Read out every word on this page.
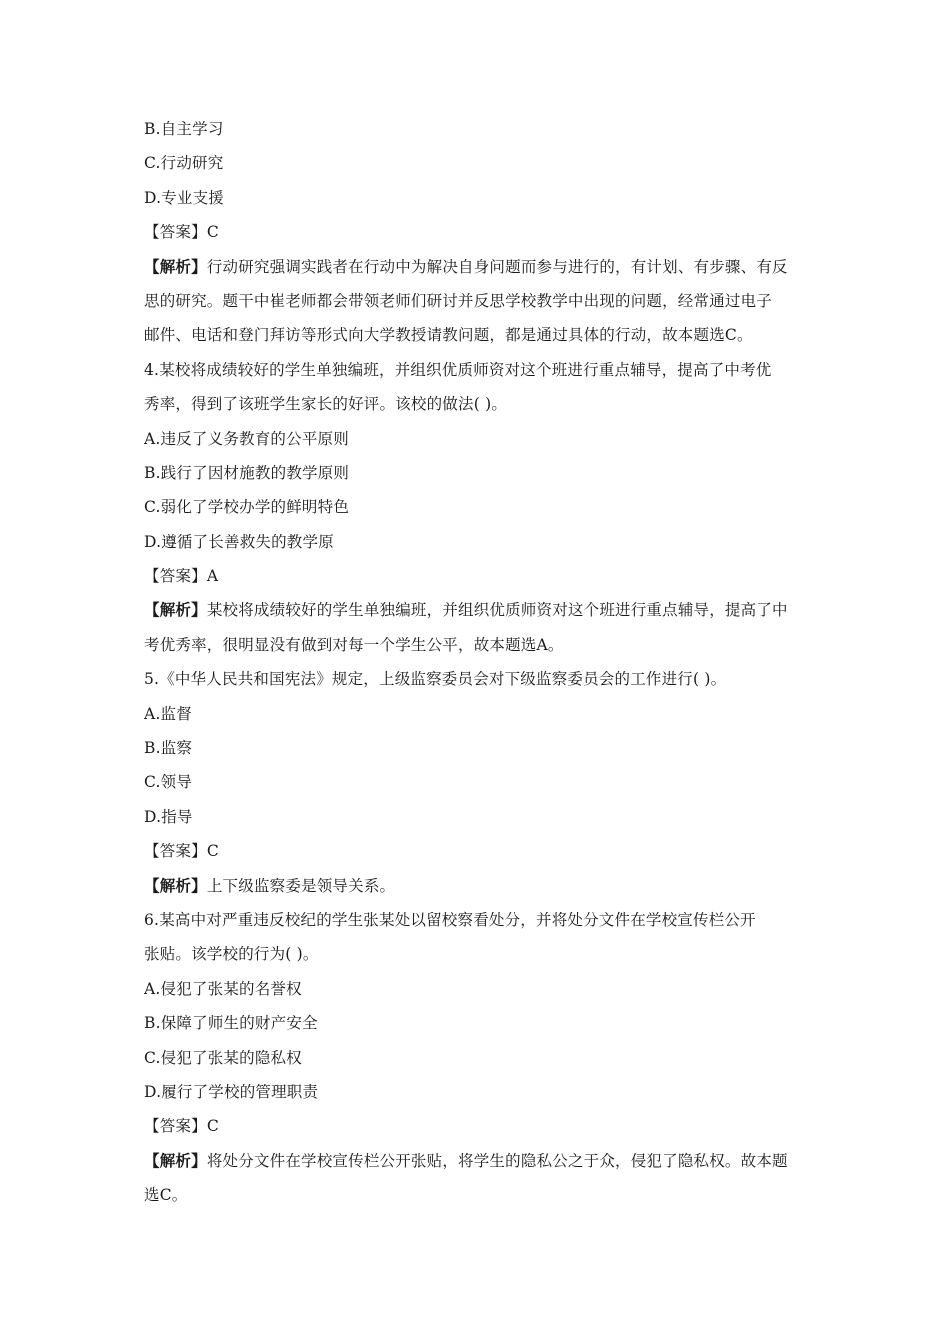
B.自主学习
C.行动研究
D.专业支援
【答案】C
【解析】行动研究强调实践者在行动中为解决自身问题而参与进行的，有计划、有步骤、有反
思的研究。题干中崔老师都会带领老师们研讨并反思学校教学中出现的问题，经常通过电子
邮件、电话和登门拜访等形式向大学教授请教问题，都是通过具体的行动，故本题选C。
4.某校将成绩较好的学生单独编班，并组织优质师资对这个班进行重点辅导，提高了中考优
秀率，得到了该班学生家长的好评。该校的做法( )。
A.违反了义务教育的公平原则
B.践行了因材施教的教学原则
C.弱化了学校办学的鲜明特色
D.遵循了长善救失的教学原
【答案】A
【解析】某校将成绩较好的学生单独编班，并组织优质师资对这个班进行重点辅导，提高了中
考优秀率，很明显没有做到对每一个学生公平，故本题选A。
5.《中华人民共和国宪法》规定，上级监察委员会对下级监察委员会的工作进行( )。
A.监督
B.监察
C.领导
D.指导
【答案】C
【解析】上下级监察委是领导关系。
6.某高中对严重违反校纪的学生张某处以留校察看处分，并将处分文件在学校宣传栏公开
张贴。该学校的行为( )。
A.侵犯了张某的名誉权
B.保障了师生的财产安全
C.侵犯了张某的隐私权
D.履行了学校的管理职责
【答案】C
【解析】将处分文件在学校宣传栏公开张贴，将学生的隐私公之于众，侵犯了隐私权。故本题
选C。
